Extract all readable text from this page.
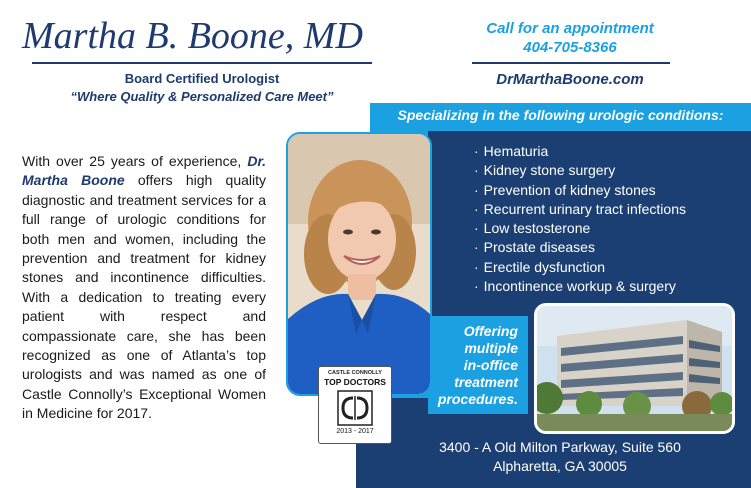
Martha B. Boone, MD
Board Certified Urologist
“Where Quality & Personalized Care Meet”
Call for an appointment
404-705-8366
DrMarthaBoone.com
Specializing in the following urologic conditions:
· Hematuria
· Kidney stone surgery
· Prevention of kidney stones
· Recurrent urinary tract infections
· Low testosterone
· Prostate diseases
· Erectile dysfunction
· Incontinence workup & surgery
Offering
multiple
in-office
treatment
procedures.
3400 - A Old Milton Parkway, Suite 560
Alpharetta, GA 30005

With over 25 years of experience, Dr. Martha Boone offers high quality diagnostic and treatment services for a full range of urologic conditions for both men and women, including the prevention and treatment for kidney stones and incontinence difficulties. With a dedication to treating every patient with respect and compassionate care, she has been recognized as one of Atlanta’s top urologists and was named as one of Castle Connolly’s Exceptional Women in Medicine for 2017.

CASTLE CONNOLLY
TOP DOCTORS
2013 - 2017
